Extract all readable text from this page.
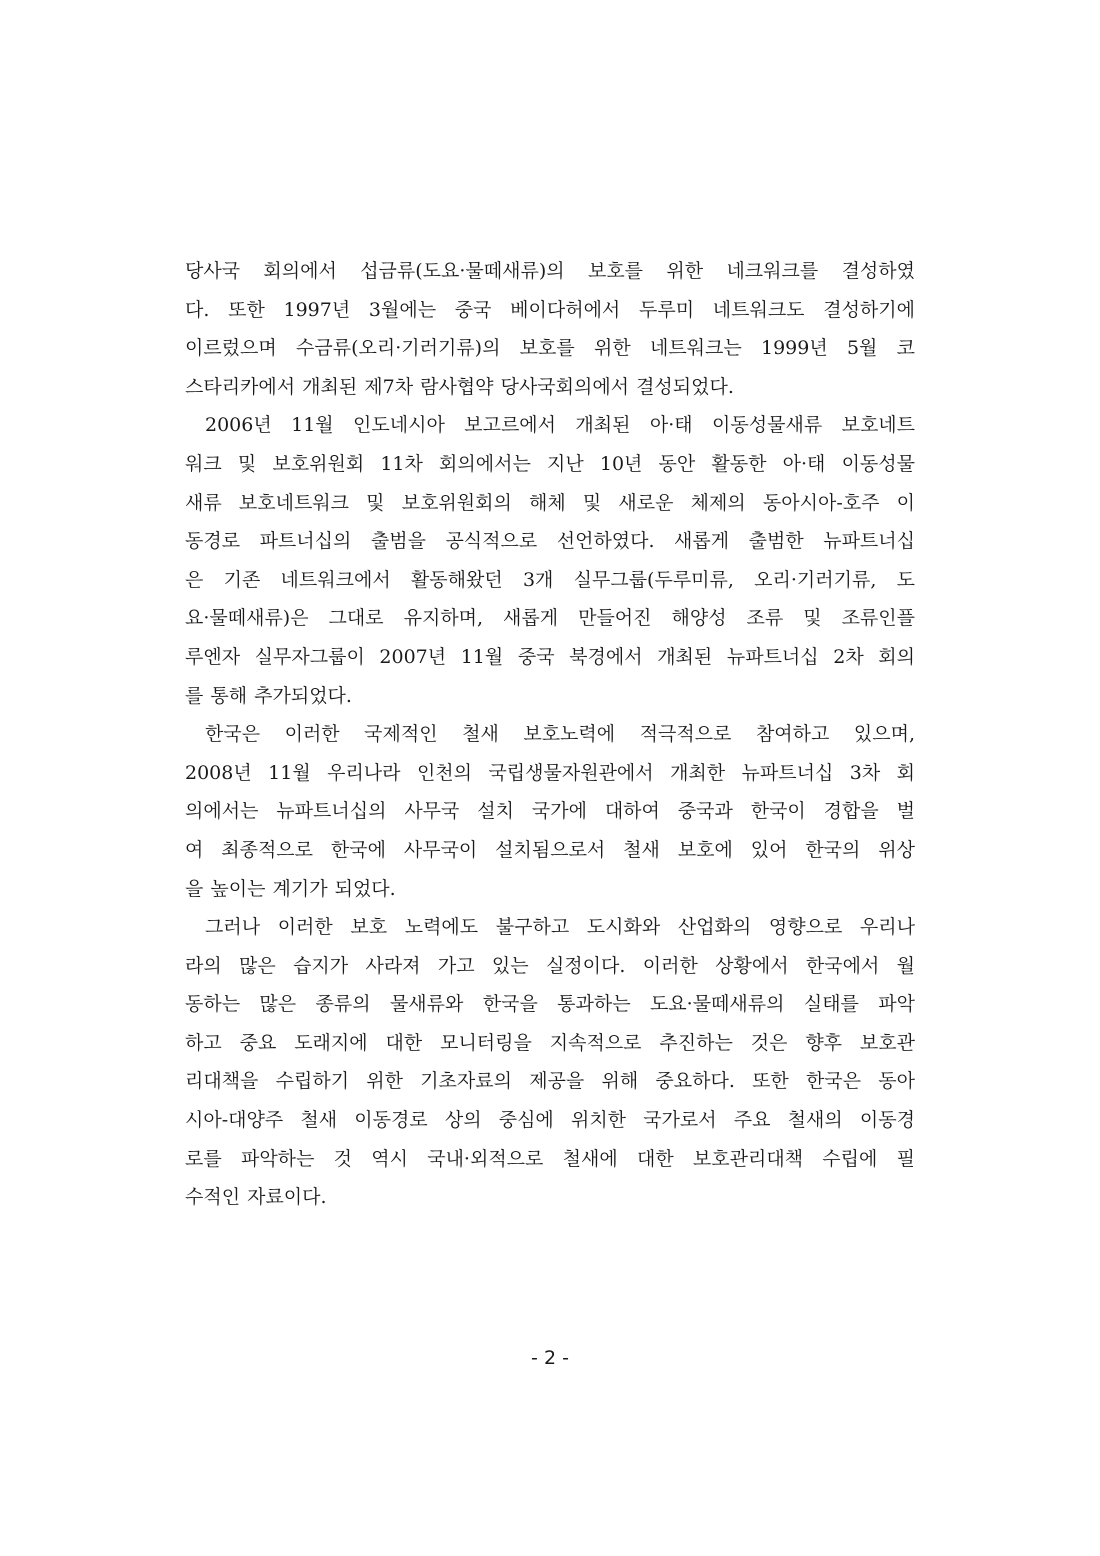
당사국 회의에서 섭금류(도요·물떼새류)의 보호를 위한 네크워크를 결성하였
다. 또한 1997년 3월에는 중국 베이다허에서 두루미 네트워크도 결성하기에
이르렀으며 수금류(오리·기러기류)의 보호를 위한 네트워크는 1999년 5월 코
스타리카에서 개최된 제7차 람사협약 당사국회의에서 결성되었다.
2006년 11월 인도네시아 보고르에서 개최된 아·태 이동성물새류 보호네트
워크 및 보호위원회 11차 회의에서는 지난 10년 동안 활동한 아·태 이동성물
새류 보호네트워크 및 보호위원회의 해체 및 새로운 체제의 동아시아-호주 이
동경로 파트너십의 출범을 공식적으로 선언하였다. 새롭게 출범한 뉴파트너십
은 기존 네트워크에서 활동해왔던 3개 실무그룹(두루미류, 오리·기러기류, 도
요·물떼새류)은 그대로 유지하며, 새롭게 만들어진 해양성 조류 및 조류인플
루엔자 실무자그룹이 2007년 11월 중국 북경에서 개최된 뉴파트너십 2차 회의
를 통해 추가되었다.
한국은 이러한 국제적인 철새 보호노력에 적극적으로 참여하고 있으며,
2008년 11월 우리나라 인천의 국립생물자원관에서 개최한 뉴파트너십 3차 회
의에서는 뉴파트너십의 사무국 설치 국가에 대하여 중국과 한국이 경합을 벌
여 최종적으로 한국에 사무국이 설치됨으로서 철새 보호에 있어 한국의 위상
을 높이는 계기가 되었다.
그러나 이러한 보호 노력에도 불구하고 도시화와 산업화의 영향으로 우리나
라의 많은 습지가 사라져 가고 있는 실정이다. 이러한 상황에서 한국에서 월
동하는 많은 종류의 물새류와 한국을 통과하는 도요·물떼새류의 실태를 파악
하고 중요 도래지에 대한 모니터링을 지속적으로 추진하는 것은 향후 보호관
리대책을 수립하기 위한 기초자료의 제공을 위해 중요하다. 또한 한국은 동아
시아-대양주 철새 이동경로 상의 중심에 위치한 국가로서 주요 철새의 이동경
로를 파악하는 것 역시 국내·외적으로 철새에 대한 보호관리대책 수립에 필
수적인 자료이다.
- 2 -
